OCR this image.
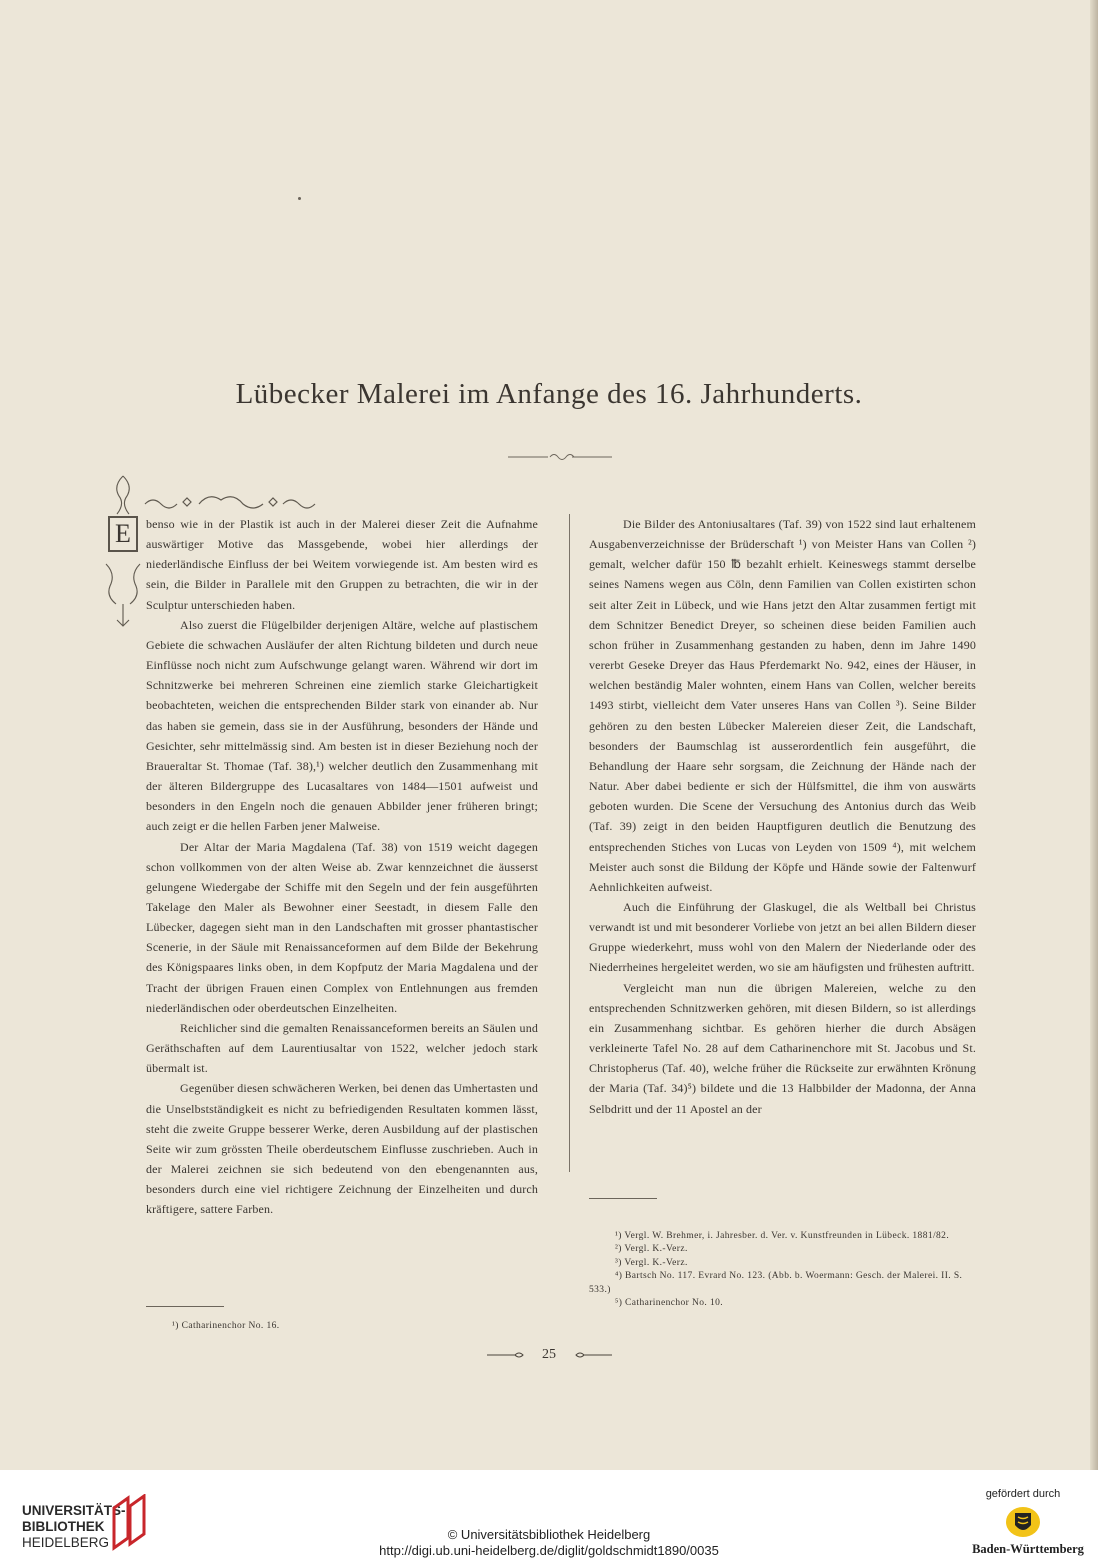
Lübecker Malerei im Anfange des 16. Jahrhunderts.
E	benso wie in der Plastik ist auch in der Malerei dieser Zeit die Aufnahme auswärtiger Motive das Massgebende, wobei hier allerdings der niederländische Einfluss der bei Weitem vorwiegende ist. Am besten wird es sein, die Bilder in Parallele mit den Gruppen zu betrachten, die wir in der Sculptur unterschieden haben.

Also zuerst die Flügelbilder derjenigen Altäre, welche auf plastischem Gebiete die schwachen Ausläufer der alten Richtung bildeten und durch neue Einflüsse noch nicht zum Aufschwunge gelangt waren. Während wir dort im Schnitzwerke bei mehreren Schreinen eine ziemlich starke Gleichartigkeit beobachteten, weichen die entsprechenden Bilder stark von einander ab. Nur das haben sie gemein, dass sie in der Ausführung, besonders der Hände und Gesichter, sehr mittelmässig sind. Am besten ist in dieser Beziehung noch der Braueraltar St. Thomae (Taf. 38),¹) welcher deutlich den Zusammenhang mit der älteren Bildergruppe des Lucasaltares von 1484—1501 aufweist und besonders in den Engeln noch die genauen Abbilder jener früheren bringt; auch zeigt er die hellen Farben jener Malweise.

Der Altar der Maria Magdalena (Taf. 38) von 1519 weicht dagegen schon vollkommen von der alten Weise ab. Zwar kennzeichnet die äusserst gelungene Wiedergabe der Schiffe mit den Segeln und der fein ausgeführten Takelage den Maler als Bewohner einer Seestadt, in diesem Falle den Lübecker, dagegen sieht man in den Landschaften mit grosser phantastischer Scenerie, in der Säule mit Renaissanceformen auf dem Bilde der Bekehrung des Königspaares links oben, in dem Kopfputz der Maria Magdalena und der Tracht der übrigen Frauen einen Complex von Entlehnungen aus fremden niederländischen oder oberdeutschen Einzelheiten.

Reichlicher sind die gemalten Renaissanceformen bereits an Säulen und Geräthschaften auf dem Laurentiusaltar von 1522, welcher jedoch stark übermalt ist.

Gegenüber diesen schwächeren Werken, bei denen das Umhertasten und die Unselbstständigkeit es nicht zu befriedigenden Resultaten kommen lässt, steht die zweite Gruppe besserer Werke, deren Ausbildung auf der plastischen Seite wir zum grössten Theile oberdeutschem Einflusse zuschrieben. Auch in der Malerei zeichnen sie sich bedeutend von den ebengenannten aus, besonders durch eine viel richtigere Zeichnung der Einzelheiten und durch kräftigere, sattere Farben.

Die Bilder des Antoniusaltares (Taf. 39) von 1522 sind laut erhaltenem Ausgabenverzeichnisse der Brüderschaft ¹) von Meister Hans van Collen ²) gemalt, welcher dafür 150 ℔ bezahlt erhielt. Keineswegs stammt derselbe seines Namens wegen aus Cöln, denn Familien van Collen existirten schon seit alter Zeit in Lübeck, und wie Hans jetzt den Altar zusammen fertigt mit dem Schnitzer Benedict Dreyer, so scheinen diese beiden Familien auch schon früher in Zusammenhang gestanden zu haben, denn im Jahre 1490 vererbt Geseke Dreyer das Haus Pferdemarkt No. 942, eines der Häuser, in welchen beständig Maler wohnten, einem Hans van Collen, welcher bereits 1493 stirbt, vielleicht dem Vater unseres Hans van Collen ³). Seine Bilder gehören zu den besten Lübecker Malereien dieser Zeit, die Landschaft, besonders der Baumschlag ist ausserordentlich fein ausgeführt, die Behandlung der Haare sehr sorgsam, die Zeichnung der Hände nach der Natur. Aber dabei bediente er sich der Hülfsmittel, die ihm von auswärts geboten wurden. Die Scene der Versuchung des Antonius durch das Weib (Taf. 39) zeigt in den beiden Hauptfiguren deutlich die Benutzung des entsprechenden Stiches von Lucas von Leyden von 1509 ⁴), mit welchem Meister auch sonst die Bildung der Köpfe und Hände sowie der Faltenwurf Aehnlichkeiten aufweist.

Auch die Einführung der Glaskugel, die als Weltball bei Christus verwandt ist und mit besonderer Vorliebe von jetzt an bei allen Bildern dieser Gruppe wiederkehrt, muss wohl von den Malern der Niederlande oder des Niederrheines hergeleitet werden, wo sie am häufigsten und frühesten auftritt.

Vergleicht man nun die übrigen Malereien, welche zu den entsprechenden Schnitzwerken gehören, mit diesen Bildern, so ist allerdings ein Zusammenhang sichtbar. Es gehören hierher die durch Absägen verkleinerte Tafel No. 28 auf dem Catharinenchore mit St. Jacobus und St. Christopherus (Taf. 40), welche früher die Rückseite zur erwähnten Krönung der Maria (Taf. 34)⁵) bildete und die 13 Halbbilder der Madonna, der Anna Selbdritt und der 11 Apostel an der

¹) Catharinenchor No. 16.

¹) Vergl. W. Brehmer, i. Jahresber. d. Ver. v. Kunstfreunden in Lübeck. 1881/82.

²) Vergl. K.-Verz.

³) Vergl. K.-Verz.

⁴) Bartsch No. 117. Evrard No. 123. (Abb. b. Woermann: Gesch. der Malerei. II. S. 533.)

⁵) Catharinenchor No. 10.

25
UNIVERSITÄTS-
BIBLIOTHEK
HEIDELBERG
© Universitätsbibliothek Heidelberg
http://digi.ub.uni-heidelberg.de/diglit/goldschmidt1890/0035
gefördert durch
Baden-Württemberg
